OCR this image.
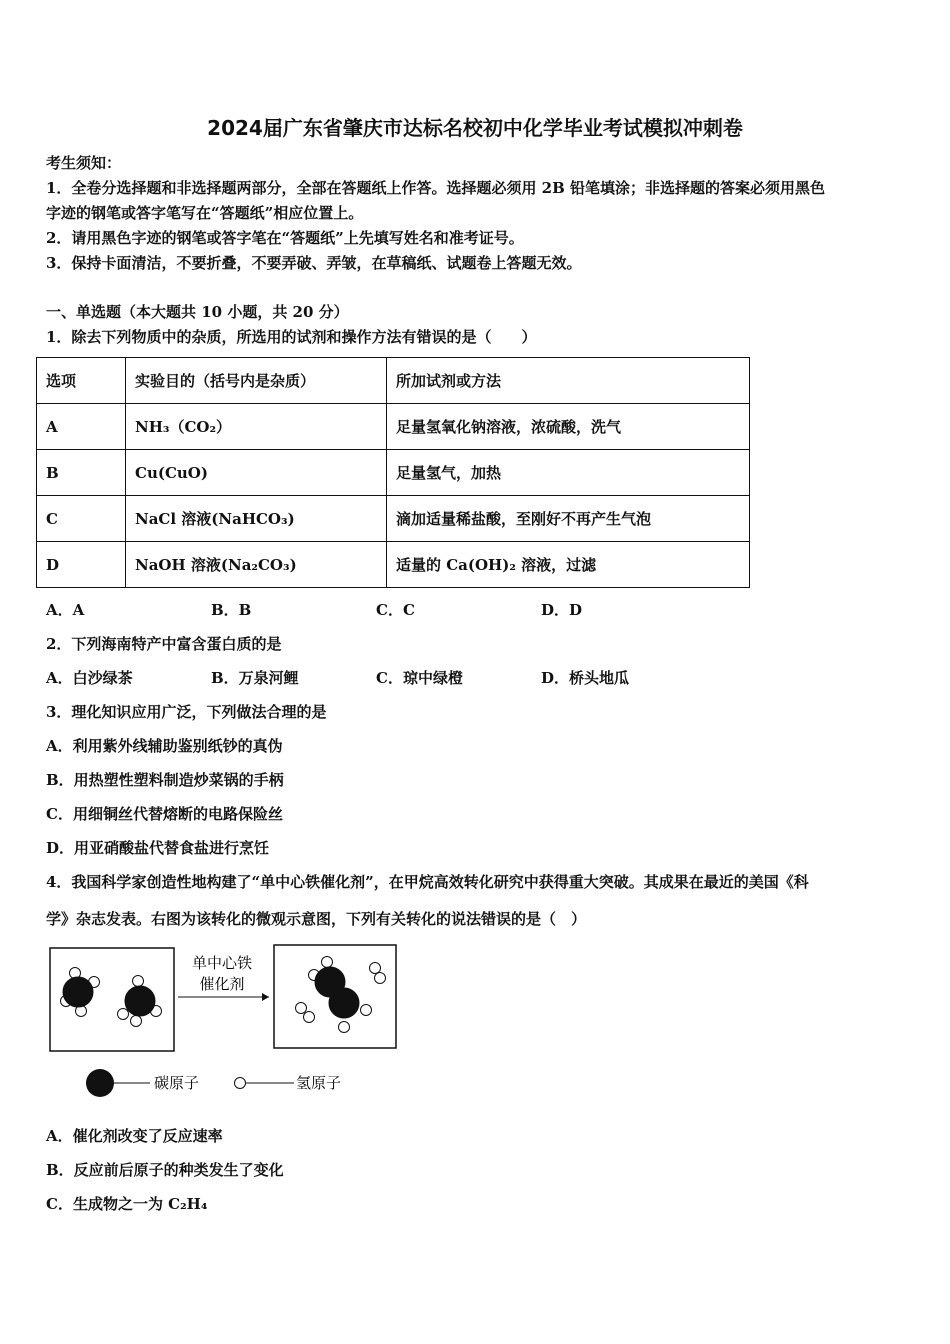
2024届广东省肇庆市达标名校初中化学毕业考试模拟冲刺卷
考生须知：
1．全卷分选择题和非选择题两部分，全部在答题纸上作答。选择题必须用 2B 铅笔填涂；非选择题的答案必须用黑色
字迹的钢笔或答字笔写在“答题纸”相应位置上。
2．请用黑色字迹的钢笔或答字笔在“答题纸”上先填写姓名和准考证号。
3．保持卡面清洁，不要折叠，不要弄破、弄皱，在草稿纸、试题卷上答题无效。
一、单选题（本大题共 10 小题，共 20 分）
1．除去下列物质中的杂质，所选用的试剂和操作方法有错误的是（　　）
选项	实验目的（括号内是杂质）	所加试剂或方法
A	NH₃（CO₂）	足量氢氧化钠溶液，浓硫酸，洗气
B	Cu(CuO)	足量氢气，加热
C	NaCl 溶液(NaHCO₃)	滴加适量稀盐酸，至刚好不再产生气泡
D	NaOH 溶液(Na₂CO₃)	适量的 Ca(OH)₂ 溶液，过滤
A．A	B．B	C．C	D．D
2．下列海南特产中富含蛋白质的是
A．白沙绿茶	B．万泉河鲤	C．琼中绿橙	D．桥头地瓜
3．理化知识应用广泛，下列做法合理的是
A．利用紫外线辅助鉴别纸钞的真伪
B．用热塑性塑料制造炒菜锅的手柄
C．用细铜丝代替熔断的电路保险丝
D．用亚硝酸盐代替食盐进行烹饪
4．我国科学家创造性地构建了“单中心铁催化剂”，在甲烷高效转化研究中获得重大突破。其成果在最近的美国《科
学》杂志发表。右图为该转化的微观示意图，下列有关转化的说法错误的是（　）
单中心铁
催化剂
碳原子	氢原子
A．催化剂改变了反应速率
B．反应前后原子的种类发生了变化
C．生成物之一为 C₂H₄
